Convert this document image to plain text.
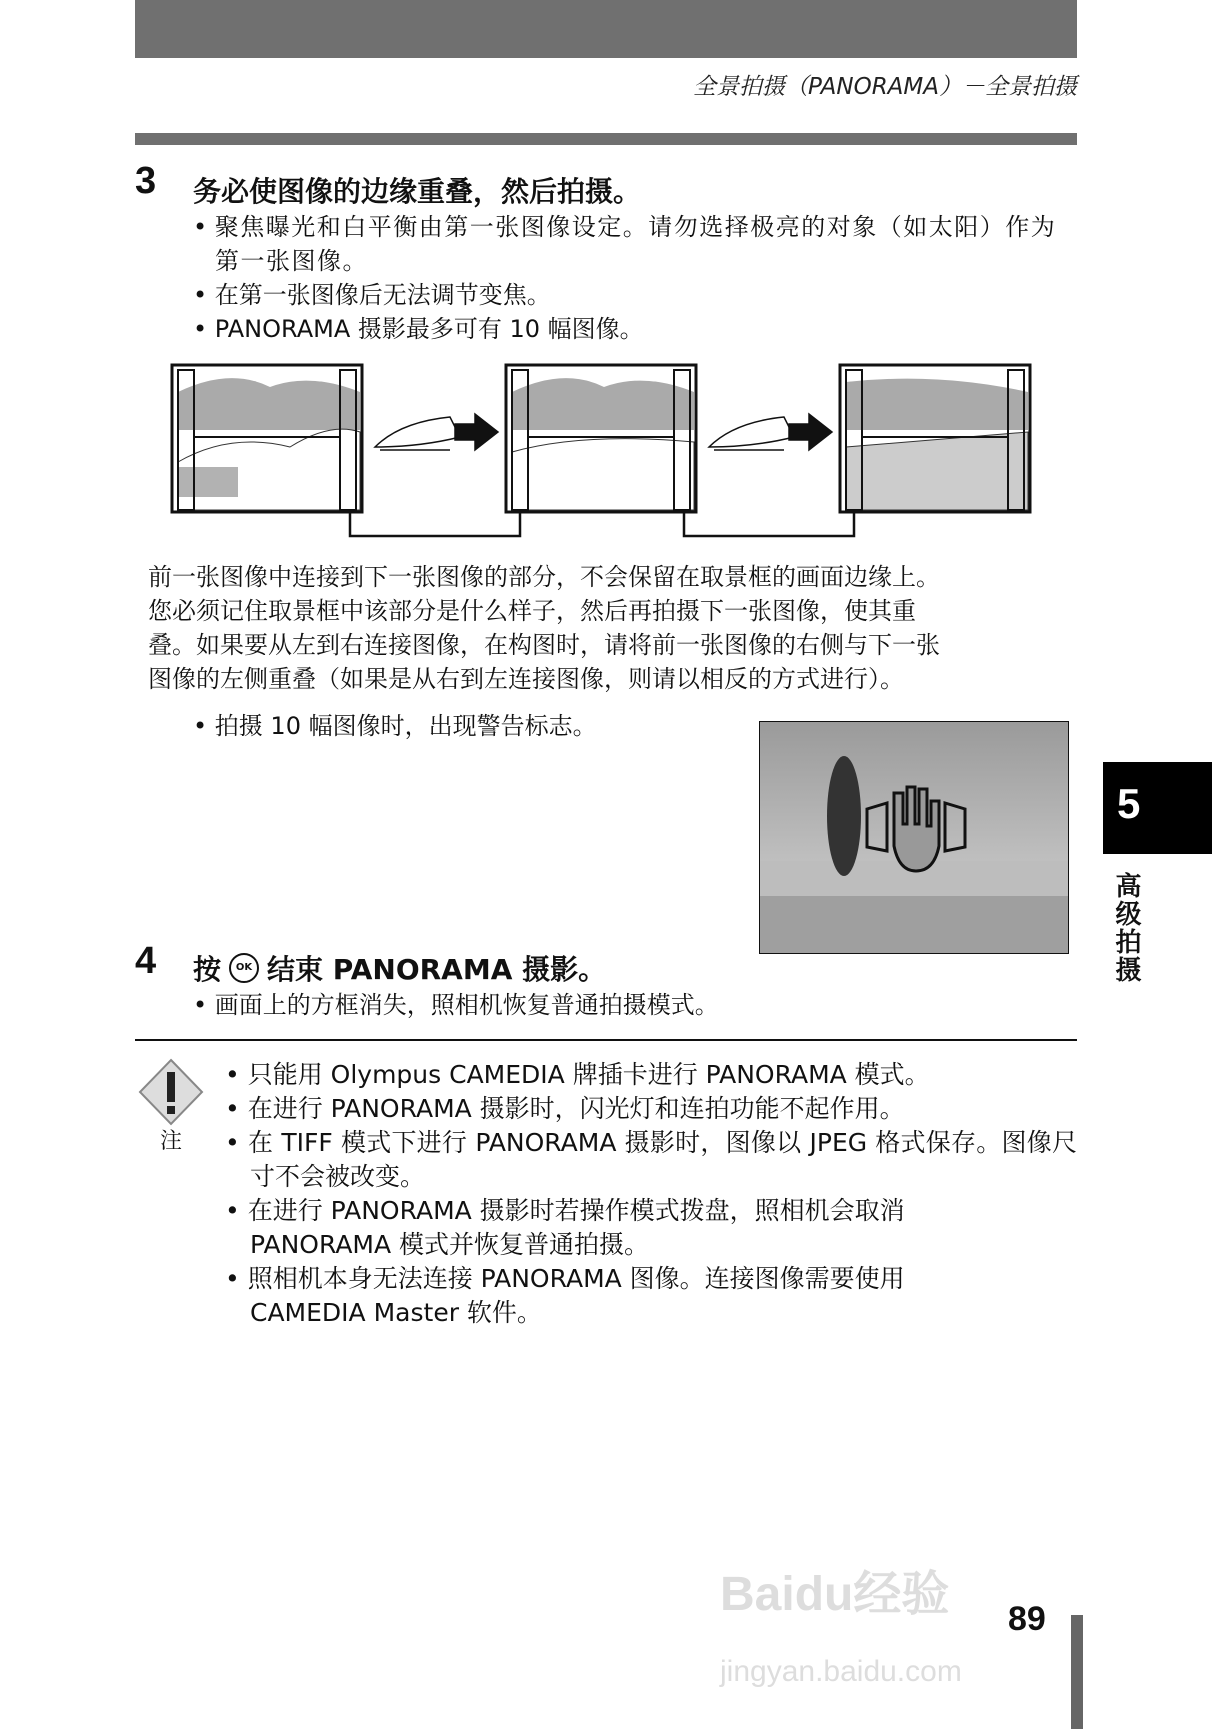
全景拍摄（PANORAMA）－全景拍摄
3 务必使图像的边缘重叠，然后拍摄。
• 聚焦曝光和白平衡由第一张图像设定。请勿选择极亮的对象（如太阳）作为第一张图像。
• 在第一张图像后无法调节变焦。
• PANORAMA 摄影最多可有 10 幅图像。
前一张图像中连接到下一张图像的部分，不会保留在取景框的画面边缘上。
您必须记住取景框中该部分是什么样子，然后再拍摄下一张图像，使其重
叠。如果要从左到右连接图像，在构图时，请将前一张图像的右侧与下一张
图像的左侧重叠（如果是从右到左连接图像，则请以相反的方式进行）。
• 拍摄 10 幅图像时，出现警告标志。
4 按	OK 结束 PANORAMA 摄影。
• 画面上的方框消失，照相机恢复普通拍摄模式。
注
• 只能用 Olympus CAMEDIA 牌插卡进行 PANORAMA 模式。
• 在进行 PANORAMA 摄影时，闪光灯和连拍功能不起作用。
• 在 TIFF 模式下进行 PANORAMA 摄影时，图像以 JPEG 格式保存。图像尺寸不会被改变。
• 在进行 PANORAMA 摄影时若操作模式拨盘，照相机会取消 PANORAMA 模式并恢复普通拍摄。
• 照相机本身无法连接 PANORAMA 图像。连接图像需要使用 CAMEDIA Master 软件。
5
高级拍摄
Baidu经验
jingyan.baidu.com
89
